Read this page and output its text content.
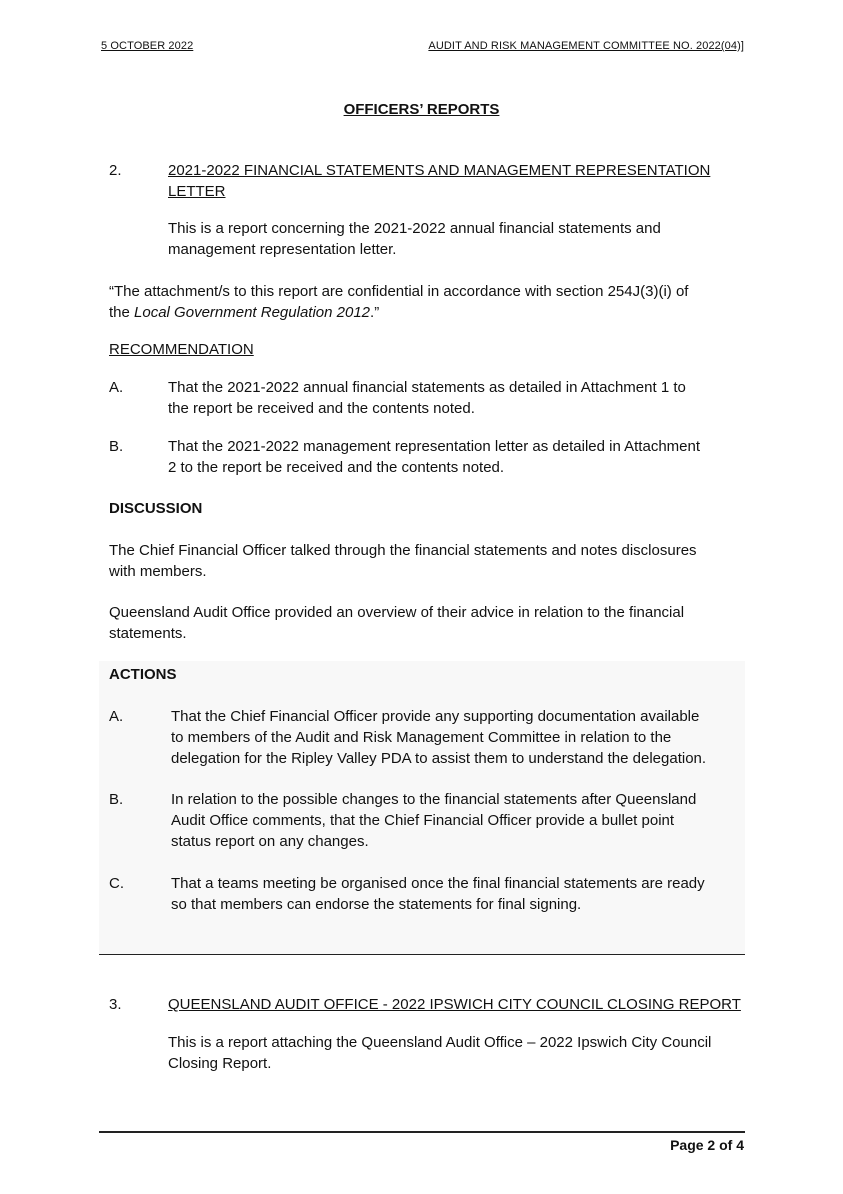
5 OCTOBER 2022	AUDIT AND RISK MANAGEMENT COMMITTEE NO. 2022(04)]
OFFICERS’ REPORTS
2.	2021-2022 FINANCIAL STATEMENTS AND MANAGEMENT REPRESENTATION
LETTER
This is a report concerning the 2021-2022 annual financial statements and
management representation letter.
“The attachment/s to this report are confidential in accordance with section 254J(3)(i) of
the Local Government Regulation 2012.”
RECOMMENDATION
A.	That the 2021-2022 annual financial statements as detailed in Attachment 1 to
the report be received and the contents noted.
B.	That the 2021-2022 management representation letter as detailed in Attachment
2 to the report be received and the contents noted.
DISCUSSION
The Chief Financial Officer talked through the financial statements and notes disclosures
with members.
Queensland Audit Office provided an overview of their advice in relation to the financial
statements.
ACTIONS
A.	That the Chief Financial Officer provide any supporting documentation available
to members of the Audit and Risk Management Committee in relation to the
delegation for the Ripley Valley PDA to assist them to understand the delegation.
B.	In relation to the possible changes to the financial statements after Queensland
Audit Office comments, that the Chief Financial Officer provide a bullet point
status report on any changes.
C.	That a teams meeting be organised once the final financial statements are ready
so that members can endorse the statements for final signing.
3.	QUEENSLAND AUDIT OFFICE - 2022 IPSWICH CITY COUNCIL CLOSING REPORT
This is a report attaching the Queensland Audit Office – 2022 Ipswich City Council
Closing Report.
Page 2 of 4
